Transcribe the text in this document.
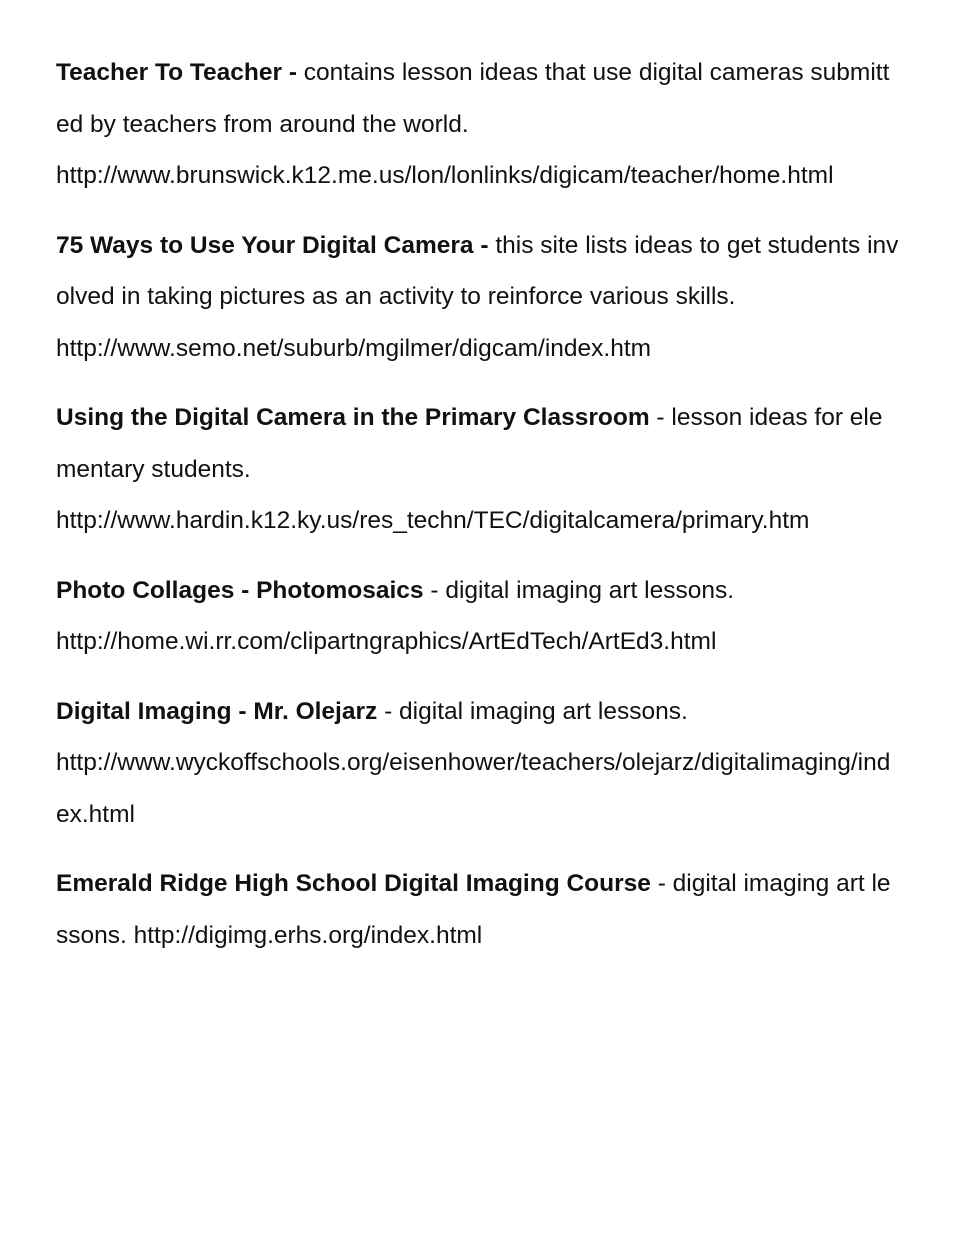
Teacher To Teacher - contains lesson ideas that use digital cameras submitted by teachers from around the world.
http://www.brunswick.k12.me.us/lon/lonlinks/digicam/teacher/home.html
75 Ways to Use Your Digital Camera - this site lists ideas to get students involved in taking pictures as an activity to reinforce various skills.
http://www.semo.net/suburb/mgilmer/digcam/index.htm
Using the Digital Camera in the Primary Classroom - lesson ideas for elementary students.
http://www.hardin.k12.ky.us/res_techn/TEC/digitalcamera/primary.htm
Photo Collages - Photomosaics - digital imaging art lessons.
http://home.wi.rr.com/clipartngraphics/ArtEdTech/ArtEd3.html
Digital Imaging - Mr. Olejarz - digital imaging art lessons.
http://www.wyckoffschools.org/eisenhower/teachers/olejarz/digitalimaging/index.html
Emerald Ridge High School Digital Imaging Course - digital imaging art lessons. http://digimg.erhs.org/index.html
